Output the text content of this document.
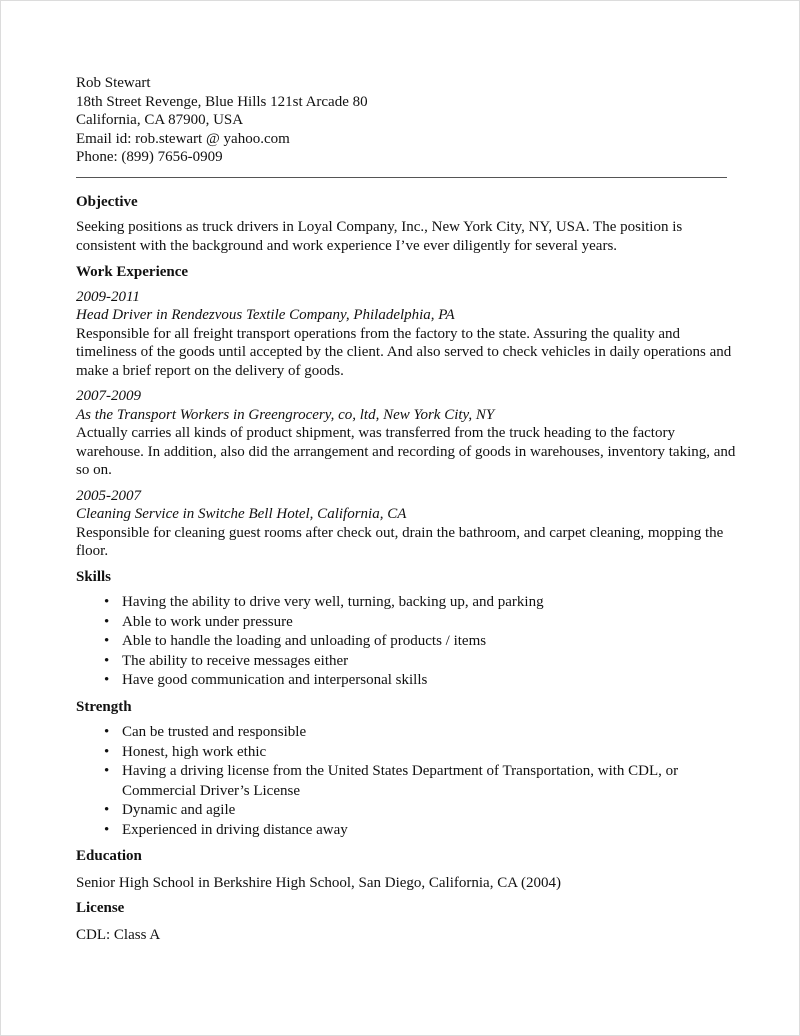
Rob Stewart
18th Street Revenge, Blue Hills 121st Arcade 80
California, CA 87900, USA
Email id: rob.stewart @ yahoo.com
Phone: (899) 7656-0909
Objective

Seeking positions as truck drivers in Loyal Company, Inc., New York City, NY, USA. The position is consistent with the background and work experience I’ve ever diligently for several years.

Work Experience
2009-2011
Head Driver in Rendezvous Textile Company, Philadelphia, PA
Responsible for all freight transport operations from the factory to the state. Assuring the quality and timeliness of the goods until accepted by the client. And also served to check vehicles in daily operations and make a brief report on the delivery of goods.
2007-2009
As the Transport Workers in Greengrocery, co, ltd, New York City, NY
Actually carries all kinds of product shipment, was transferred from the truck heading to the factory warehouse. In addition, also did the arrangement and recording of goods in warehouses, inventory taking, and so on.
2005-2007
Cleaning Service in Switche Bell Hotel, California, CA
Responsible for cleaning guest rooms after check out, drain the bathroom, and carpet cleaning, mopping the floor.
Skills
• Having the ability to drive very well, turning, backing up, and parking
• Able to work under pressure
• Able to handle the loading and unloading of products / items
• The ability to receive messages either
• Have good communication and interpersonal skills
Strength
• Can be trusted and responsible
• Honest, high work ethic
• Having a driving license from the United States Department of Transportation, with CDL, or Commercial Driver’s License
• Dynamic and agile
• Experienced in driving distance away
Education

Senior High School in Berkshire High School, San Diego, California, CA (2004)

License

CDL: Class A
